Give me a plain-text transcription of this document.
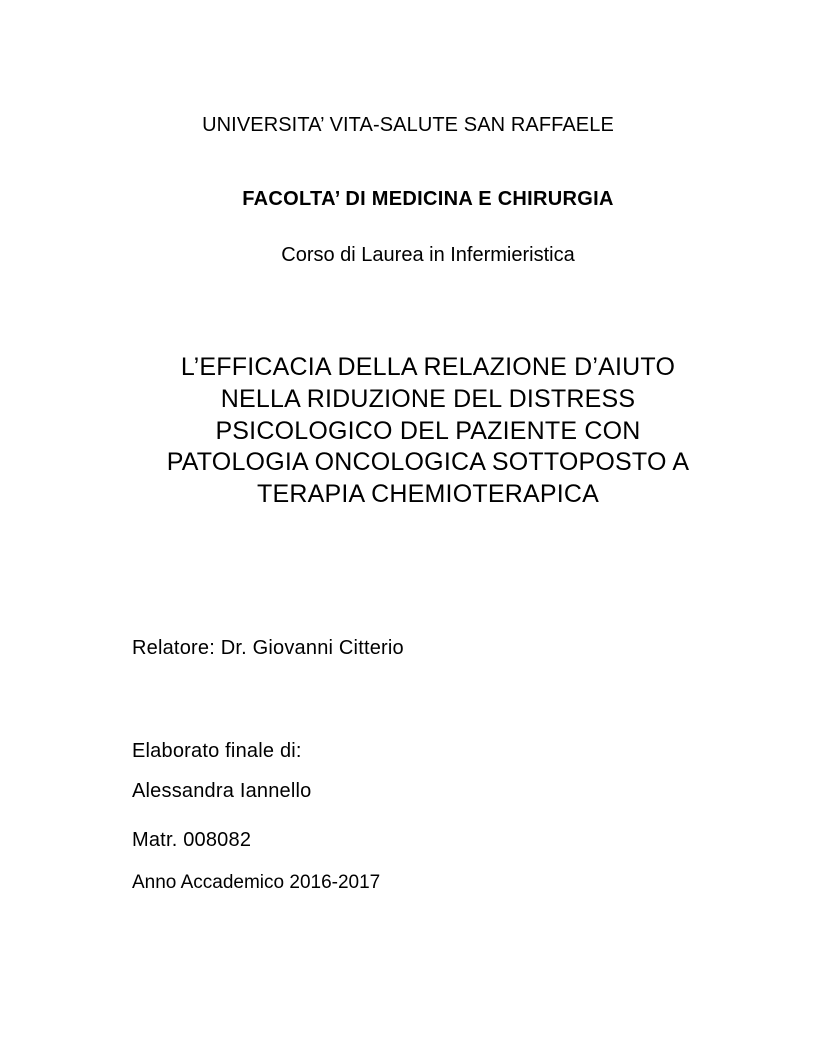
UNIVERSITA’ VITA-SALUTE SAN RAFFAELE
FACOLTA’ DI MEDICINA E CHIRURGIA
Corso di Laurea in Infermieristica
L’EFFICACIA DELLA RELAZIONE D’AIUTO
NELLA RIDUZIONE DEL DISTRESS
PSICOLOGICO DEL PAZIENTE CON
PATOLOGIA ONCOLOGICA SOTTOPOSTO A
TERAPIA CHEMIOTERAPICA
Relatore: Dr. Giovanni Citterio
Elaborato finale di:
Alessandra Iannello
Matr. 008082
Anno Accademico 2016-2017
